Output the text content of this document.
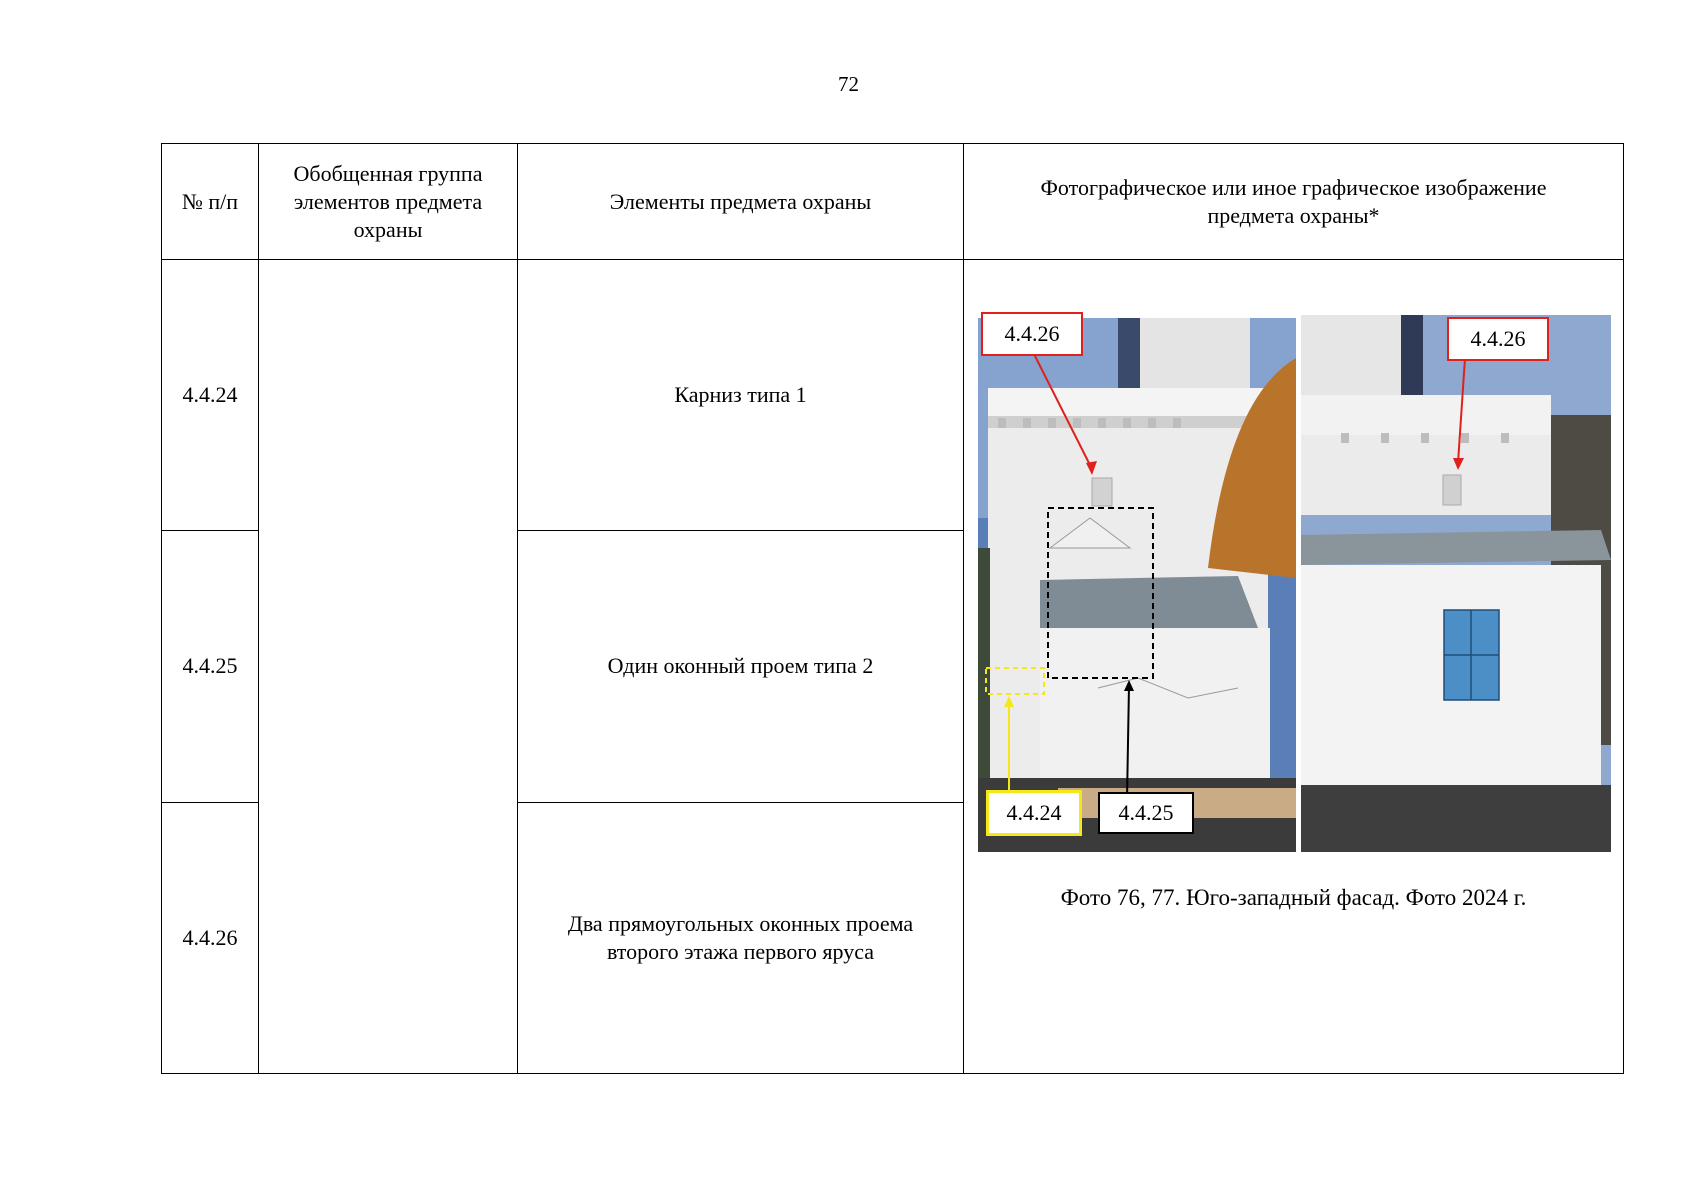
72
№ п/п	Обобщенная группа элементов предмета охраны	Элементы предмета охраны	Фотографическое или иное графическое изображение предмета охраны*
4.4.24		Карниз типа 1	4.4.26 4.4.26
4.4.24 4.4.25
Фото 76, 77. Юго-западный фасад. Фото 2024 г.

4.4.25		Один оконный проем типа 2	
4.4.26		Два прямоугольных оконных проема второго этажа первого яруса	
